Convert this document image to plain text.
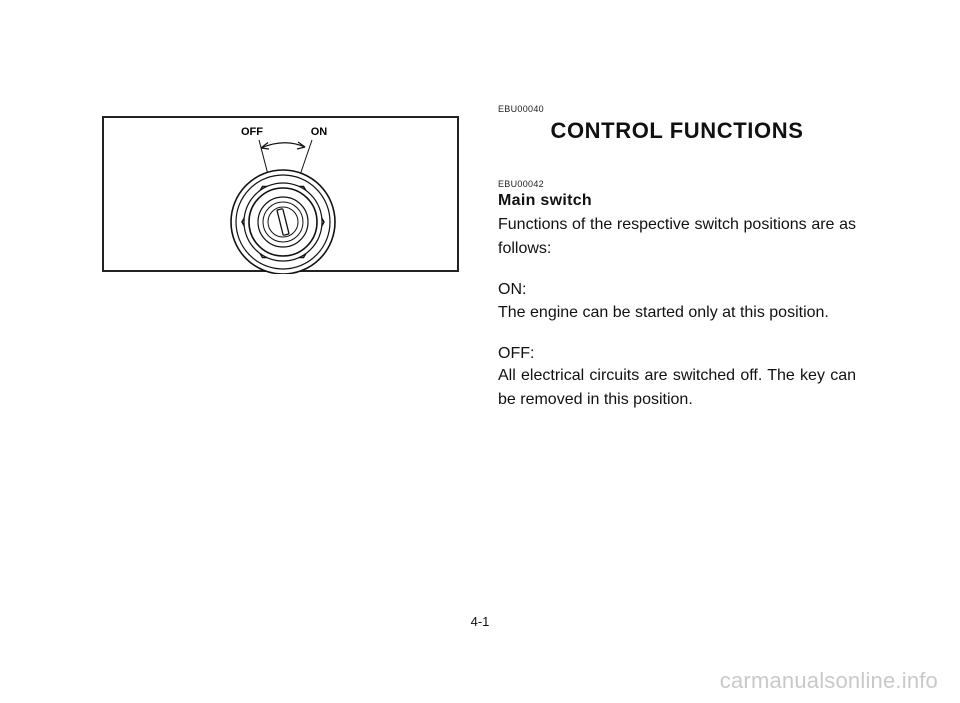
OFF	ON
EBU00040
CONTROL FUNCTIONS
EBU00042
Main switch
Functions of the respective switch positions are as follows:
ON:
The engine can be started only at this position.
OFF:
All electrical circuits are switched off. The key can be removed in this position.
4-1
carmanualsonline.info
